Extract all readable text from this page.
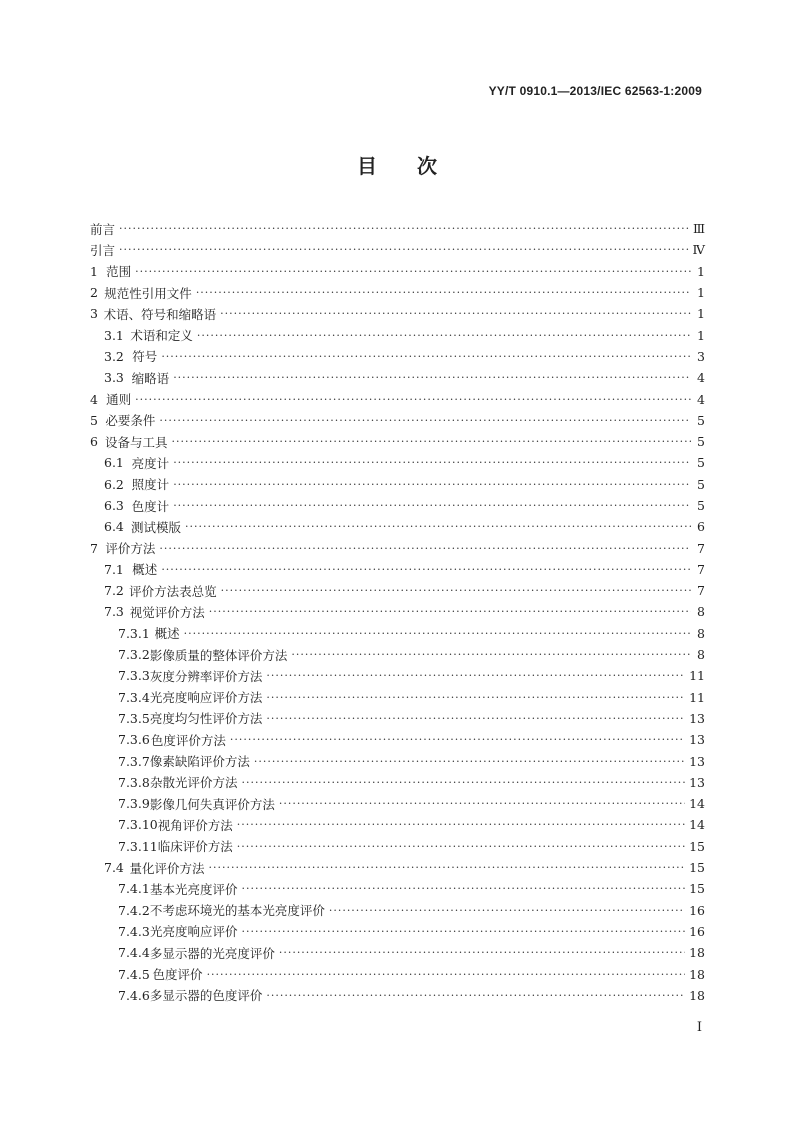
YY/T 0910.1—2013/IEC 62563-1:2009
目 次
前言 ·····	Ⅲ
引言 ·····	Ⅳ
1 范围 ·····	1
2 规范性引用文件 ·····	1
3 术语、符号和缩略语 ·····	1
3.1 术语和定义 ·····	1
3.2 符号 ·····	3
3.3 缩略语 ·····	4
4 通则 ·····	4
5 必要条件 ·····	5
6 设备与工具 ·····	5
6.1 亮度计 ·····	5
6.2 照度计 ·····	5
6.3 色度计 ·····	5
6.4 测试模版 ·····	6
7 评价方法 ·····	7
7.1 概述 ·····	7
7.2 评价方法表总览 ·····	7
7.3 视觉评价方法 ·····	8
7.3.1 概述 ·····	8
7.3.2 影像质量的整体评价方法 ·····	8
7.3.3 灰度分辨率评价方法 ·····	11
7.3.4 光亮度响应评价方法 ·····	11
7.3.5 亮度均匀性评价方法 ·····	13
7.3.6 色度评价方法 ·····	13
7.3.7 像素缺陷评价方法 ·····	13
7.3.8 杂散光评价方法 ·····	13
7.3.9 影像几何失真评价方法 ·····	14
7.3.10 视角评价方法 ·····	14
7.3.11 临床评价方法 ·····	15
7.4 量化评价方法 ·····	15
7.4.1 基本光亮度评价 ·····	15
7.4.2 不考虑环境光的基本光亮度评价 ·····	16
7.4.3 光亮度响应评价 ·····	16
7.4.4 多显示器的光亮度评价 ·····	18
7.4.5 色度评价 ·····	18
7.4.6 多显示器的色度评价 ·····	18
I
